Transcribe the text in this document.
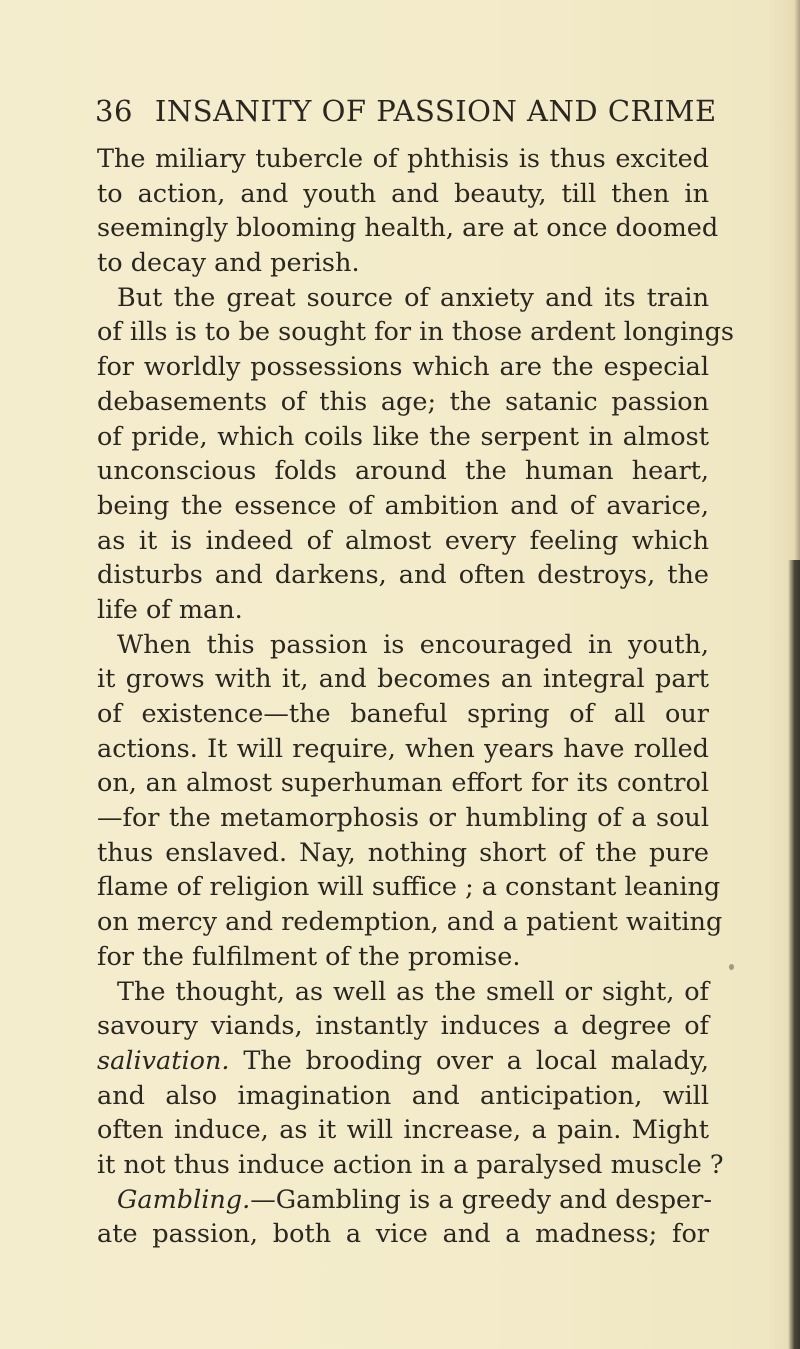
36 INSANITY OF PASSION AND CRIME
The miliary tubercle of phthisis is thus excited
to action, and youth and beauty, till then in
seemingly blooming health, are at once doomed
to decay and perish.
But the great source of anxiety and its train
of ills is to be sought for in those ardent longings
for worldly possessions which are the especial
debasements of this age; the satanic passion
of pride, which coils like the serpent in almost
unconscious folds around the human heart,
being the essence of ambition and of avarice,
as it is indeed of almost every feeling which
disturbs and darkens, and often destroys, the
life of man.
When this passion is encouraged in youth,
it grows with it, and becomes an integral part
of existence—the baneful spring of all our
actions. It will require, when years have rolled
on, an almost superhuman effort for its control
—for the metamorphosis or humbling of a soul
thus enslaved. Nay, nothing short of the pure
flame of religion will suffice ; a constant leaning
on mercy and redemption, and a patient waiting
for the fulfilment of the promise.
The thought, as well as the smell or sight, of
savoury viands, instantly induces a degree of
salivation. The brooding over a local malady,
and also imagination and anticipation, will
often induce, as it will increase, a pain. Might
it not thus induce action in a paralysed muscle ?
Gambling.—Gambling is a greedy and desper-
ate passion, both a vice and a madness; for
